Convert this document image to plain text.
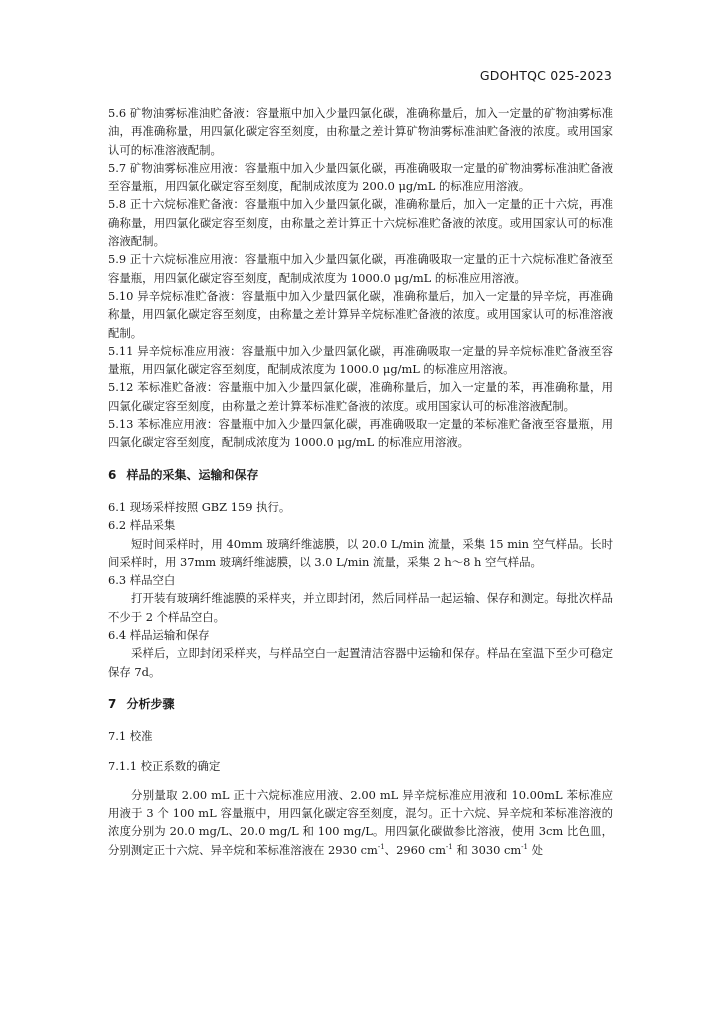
GDOHTQC 025-2023

5.6 矿物油雾标准油贮备液：容量瓶中加入少量四氯化碳，准确称量后，加入一定量的矿物油雾标准油，再准确称量，用四氯化碳定容至刻度，由称量之差计算矿物油雾标准油贮备液的浓度。或用国家认可的标准溶液配制。

5.7 矿物油雾标准应用液：容量瓶中加入少量四氯化碳，再准确吸取一定量的矿物油雾标准油贮备液至容量瓶，用四氯化碳定容至刻度，配制成浓度为 200.0 μg/mL 的标准应用溶液。

5.8 正十六烷标准贮备液：容量瓶中加入少量四氯化碳，准确称量后，加入一定量的正十六烷，再准确称量，用四氯化碳定容至刻度，由称量之差计算正十六烷标准贮备液的浓度。或用国家认可的标准溶液配制。

5.9 正十六烷标准应用液：容量瓶中加入少量四氯化碳，再准确吸取一定量的正十六烷标准贮备液至容量瓶，用四氯化碳定容至刻度，配制成浓度为 1000.0 μg/mL 的标准应用溶液。

5.10 异辛烷标准贮备液：容量瓶中加入少量四氯化碳，准确称量后，加入一定量的异辛烷，再准确称量，用四氯化碳定容至刻度，由称量之差计算异辛烷标准贮备液的浓度。或用国家认可的标准溶液配制。

5.11 异辛烷标准应用液：容量瓶中加入少量四氯化碳，再准确吸取一定量的异辛烷标准贮备液至容量瓶，用四氯化碳定容至刻度，配制成浓度为 1000.0 μg/mL 的标准应用溶液。

5.12 苯标准贮备液：容量瓶中加入少量四氯化碳，准确称量后，加入一定量的苯，再准确称量，用四氯化碳定容至刻度，由称量之差计算苯标准贮备液的浓度。或用国家认可的标准溶液配制。

5.13 苯标准应用液：容量瓶中加入少量四氯化碳，再准确吸取一定量的苯标准贮备液至容量瓶，用四氯化碳定容至刻度，配制成浓度为 1000.0 μg/mL 的标准应用溶液。

6 样品的采集、运输和保存

6.1 现场采样按照 GBZ 159 执行。

6.2 样品采集

短时间采样时，用 40mm 玻璃纤维滤膜，以 20.0 L/min 流量，采集 15 min 空气样品。长时间采样时，用 37mm 玻璃纤维滤膜，以 3.0 L/min 流量，采集 2 h～8 h 空气样品。

6.3 样品空白

打开装有玻璃纤维滤膜的采样夹，并立即封闭，然后同样品一起运输、保存和测定。每批次样品不少于 2 个样品空白。

6.4 样品运输和保存

采样后，立即封闭采样夹，与样品空白一起置清洁容器中运输和保存。样品在室温下至少可稳定保存 7d。

7 分析步骤

7.1 校准

7.1.1 校正系数的确定

分别量取 2.00 mL 正十六烷标准应用液、2.00 mL 异辛烷标准应用液和 10.00mL 苯标准应用液于 3 个 100 mL 容量瓶中，用四氯化碳定容至刻度，混匀。正十六烷、异辛烷和苯标准溶液的浓度分别为 20.0 mg/L、20.0 mg/L 和 100 mg/L。用四氯化碳做参比溶液，使用 3cm 比色皿，分别测定正十六烷、异辛烷和苯标准溶液在 2930 $cm^{-1}$、2960 $cm^{-1}$ 和 3030 $cm^{-1}$ 处
